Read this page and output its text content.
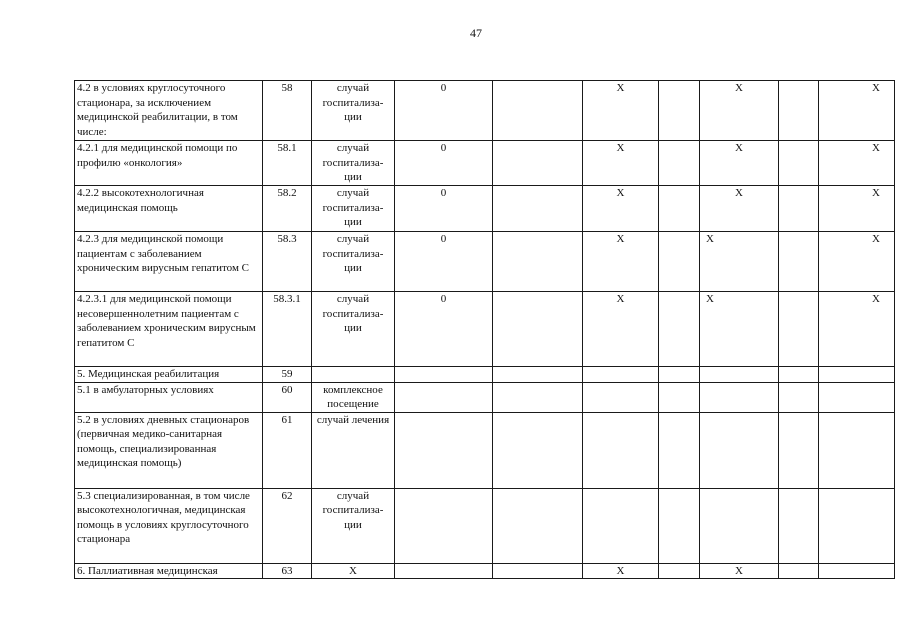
47
4.2 в условиях круглосуточного стационара, за исключением медицинской реабилитации, в том числе:	58	случай госпитализа-ции	0		Х		Х		Х
4.2.1 для медицинской помощи по профилю «онкология»	58.1	случай госпитализа-ции	0		Х		Х		Х
4.2.2 высокотехнологичная медицинская помощь	58.2	случай госпитализа-ции	0		Х		Х		Х
4.2.3 для медицинской помощи пациентам с заболеванием хроническим вирусным гепатитом С	58.3	случай госпитализа-ции	0		Х		Х		Х
4.2.3.1 для медицинской помощи несовершеннолетним пациентам с заболеванием хроническим вирусным гепатитом С	58.3.1	случай госпитализа-ции	0		Х		Х		Х
5. Медицинская реабилитация	59								
5.1 в амбулаторных условиях	60	комплексное посещение							
5.2 в условиях дневных стационаров (первичная медико-санитарная помощь, специализированная медицинская помощь)	61	случай лечения							
5.3 специализированная, в том числе высокотехнологичная, медицинская помощь в условиях круглосуточного стационара	62	случай госпитализа-ции							
6. Паллиативная медицинская	63	Х			Х		Х		
